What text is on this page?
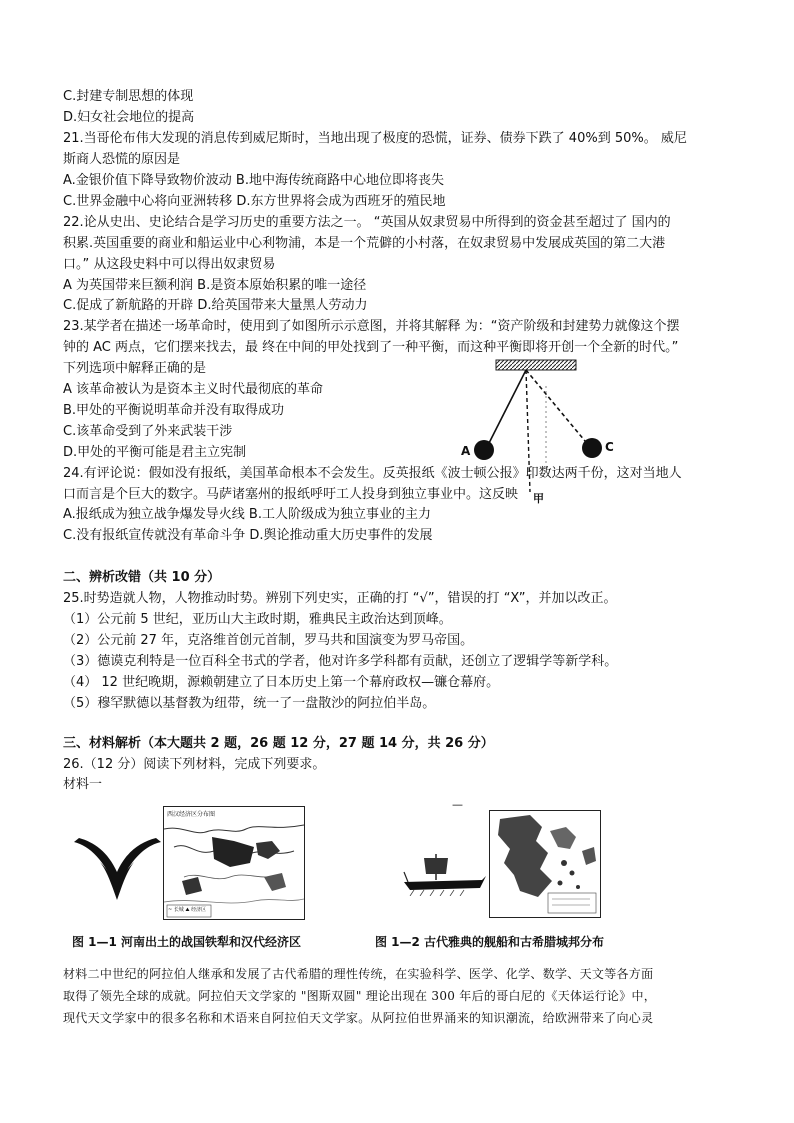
C.封建专制思想的体现
D.妇女社会地位的提高
21.当哥伦布伟大发现的消息传到威尼斯时，当地出现了极度的恐慌，证券、债券下跌了 40%到 50%。 威尼
斯商人恐慌的原因是
A.金银价值下降导致物价波动 B.地中海传统商路中心地位即将丧失
C.世界金融中心将向亚洲转移 D.东方世界将会成为西班牙的殖民地
22.论从史出、史论结合是学习历史的重要方法之一。 “英国从奴隶贸易中所得到的资金甚至超过了 国内的
积累.英国重要的商业和船运业中心利物浦，本是一个荒僻的小村落，在奴隶贸易中发展成英国的第二大港
口。” 从这段史料中可以得出奴隶贸易
A 为英国带来巨额利润 B.是资本原始积累的唯一途径
C.促成了新航路的开辟 D.给英国带来大量黑人劳动力
23.某学者在描述一场革命时，使用到了如图所示示意图，并将其解释 为：“资产阶级和封建势力就像这个摆
钟的 AC 两点，它们摆来找去，最 终在中间的甲处找到了一种平衡，而这种平衡即将开创一个全新的时代。”
下列选项中解释正确的是
A 该革命被认为是资本主义时代最彻底的革命
B.甲处的平衡说明革命并没有取得成功
C.该革命受到了外来武装干涉
D.甲处的平衡可能是君主立宪制
24.有评论说：假如没有报纸，美国革命根本不会发生。反英报纸《波士顿公报》印数达两千份，这对当地人
口而言是个巨大的数字。马萨诸塞州的报纸呼吁工人投身到独立事业中。这反映
A.报纸成为独立战争爆发导火线 B.工人阶级成为独立事业的主力
C.没有报纸宣传就没有革命斗争 D.舆论推动重大历史事件的发展
二、辨析改错（共 10 分）
25.时势造就人物，人物推动时势。辨别下列史实，正确的打 “√”，错误的打 “X”，并加以改正。
（1）公元前 5 世纪，亚历山大主政时期，雅典民主政治达到顶峰。
（2）公元前 27 年，克洛维首创元首制，罗马共和国演变为罗马帝国。
（3）德谟克利特是一位百科全书式的学者，他对许多学科都有贡献，还创立了逻辑学等新学科。
（4） 12 世纪晚期，源赖朝建立了日本历史上第一个幕府政权—镰仓幕府。
（5）穆罕默德以基督教为纽带，统一了一盘散沙的阿拉伯半岛。
三、材料解析（本大题共 2 题，26 题 12 分，27 题 14 分，共 26 分）
26.（12 分）阅读下列材料，完成下列要求。
材料一
A	C
甲
西汉经济区分布图
~ 长城 ⛰ 经济区
图 1—1 河南出土的战国铁犁和汉代经济区
—
图 1—2 古代雅典的舰船和古希腊城邦分布
材料二中世纪的阿拉伯人继承和发展了古代希腊的理性传统，在实验科学、医学、化学、数学、天文等各方面
取得了领先全球的成就。阿拉伯天文学家的 "图斯双圆" 理论出现在 300 年后的哥白尼的《天体运行论》中，
现代天文学家中的很多名称和术语来自阿拉伯天文学家。从阿拉伯世界涌来的知识潮流，给欧洲带来了向心灵
